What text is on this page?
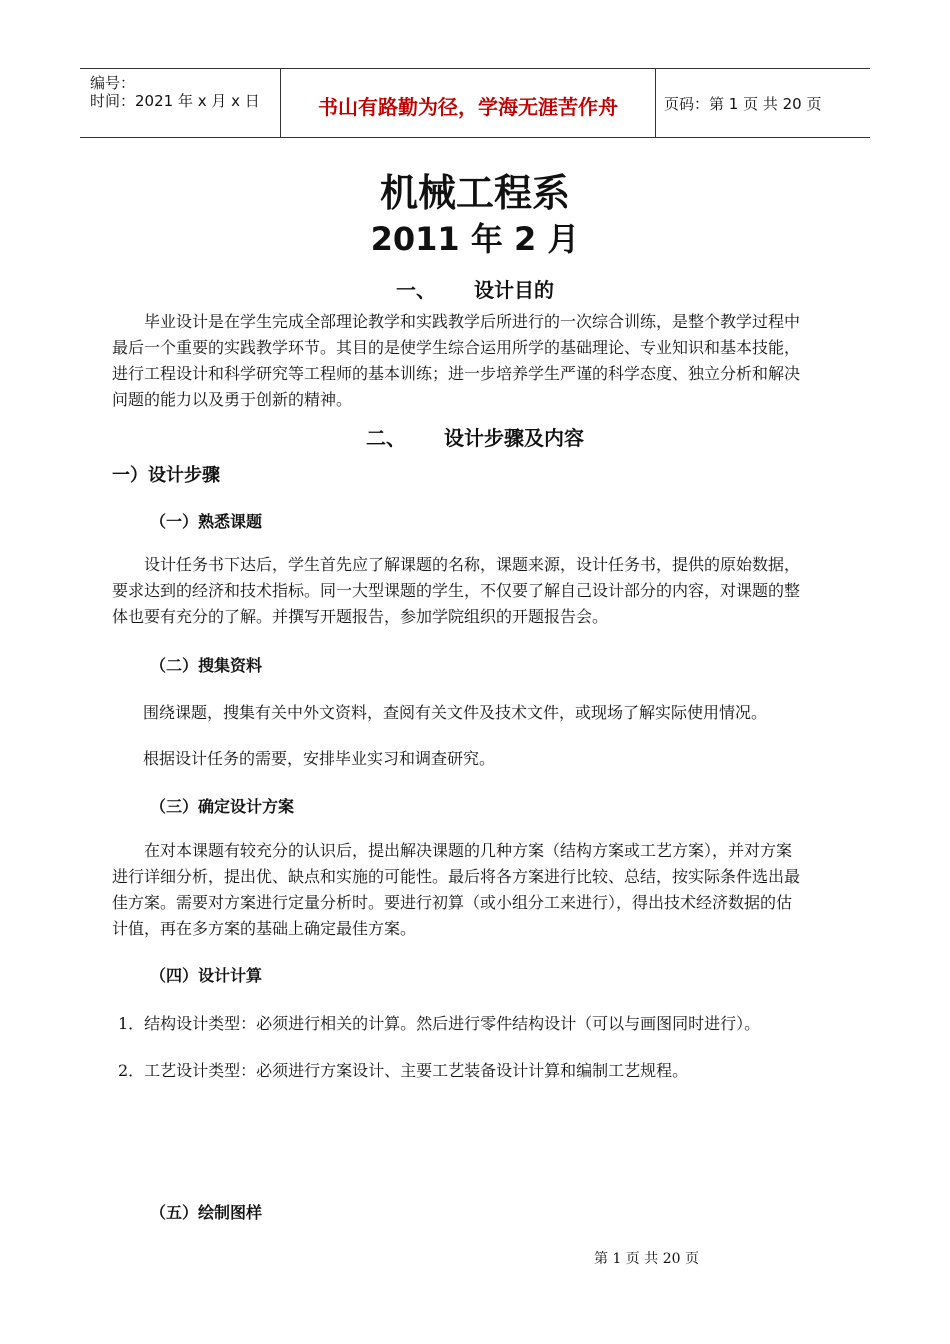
编号：
时间：2021 年 x 月 x 日	书山有路勤为径，学海无涯苦作舟	页码：第 1 页 共 20 页
机械工程系
2011 年 2 月
一、 设计目的
毕业设计是在学生完成全部理论教学和实践教学后所进行的一次综合训练，是整个教学过程中
最后一个重要的实践教学环节。其目的是使学生综合运用所学的基础理论、专业知识和基本技能，
进行工程设计和科学研究等工程师的基本训练；进一步培养学生严谨的科学态度、独立分析和解决
问题的能力以及勇于创新的精神。
二、 设计步骤及内容
一）设计步骤
（一）熟悉课题
设计任务书下达后，学生首先应了解课题的名称，课题来源，设计任务书，提供的原始数据，
要求达到的经济和技术指标。同一大型课题的学生，不仅要了解自己设计部分的内容，对课题的整
体也要有充分的了解。并撰写开题报告，参加学院组织的开题报告会。
（二）搜集资料
围绕课题，搜集有关中外文资料，查阅有关文件及技术文件，或现场了解实际使用情况。
根据设计任务的需要，安排毕业实习和调查研究。
（三）确定设计方案
在对本课题有较充分的认识后，提出解决课题的几种方案（结构方案或工艺方案），并对方案
进行详细分析，提出优、缺点和实施的可能性。最后将各方案进行比较、总结，按实际条件选出最
佳方案。需要对方案进行定量分析时。要进行初算（或小组分工来进行），得出技术经济数据的估
计值，再在多方案的基础上确定最佳方案。
（四）设计计算
1．结构设计类型：必须进行相关的计算。然后进行零件结构设计（可以与画图同时进行）。
2．工艺设计类型：必须进行方案设计、主要工艺装备设计计算和编制工艺规程。
（五）绘制图样
第 1 页 共 20 页
